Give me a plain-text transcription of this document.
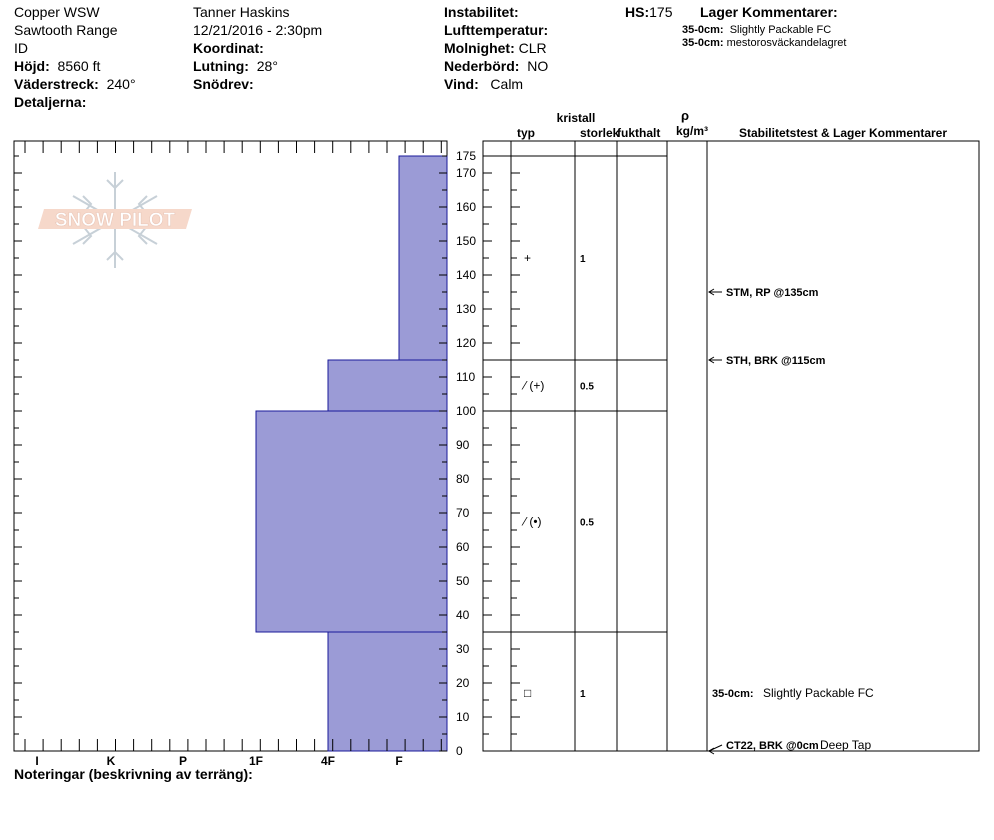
Copper WSW
Sawtooth Range
ID
Höjd: 8560 ft
Väderstreck: 240°
Detaljerna:
Tanner Haskins
12/21/2016 - 2:30pm
Koordinat:
Lutning: 28°
Snödrev:
Instabilitet:
Lufttemperatur:
Molnighet: CLR
Nederbörd: NO
Vind: Calm
HS:175 Lager Kommentarer:
35-0cm: Slightly Packable FC
35-0cm: mestorosväckandelagret
SNOW PILOT
I	K	P	1F	4F	F
0
10
20
30
40
50
60
70
80
90
100
110
120
130
140
150
160
170
175
+	1
⁄ (+)	0.5
⁄ (•)	0.5
□	1
STM, RP @135cm
STH, BRK @115cm
CT22, BRK @0cm Deep Tap
35-0cm: Slightly Packable FC
kristall
typ	storlek
fukthalt
ρ
kg/m³	Stabilitetstest & Lager Kommentarer
Noteringar (beskrivning av terräng):
